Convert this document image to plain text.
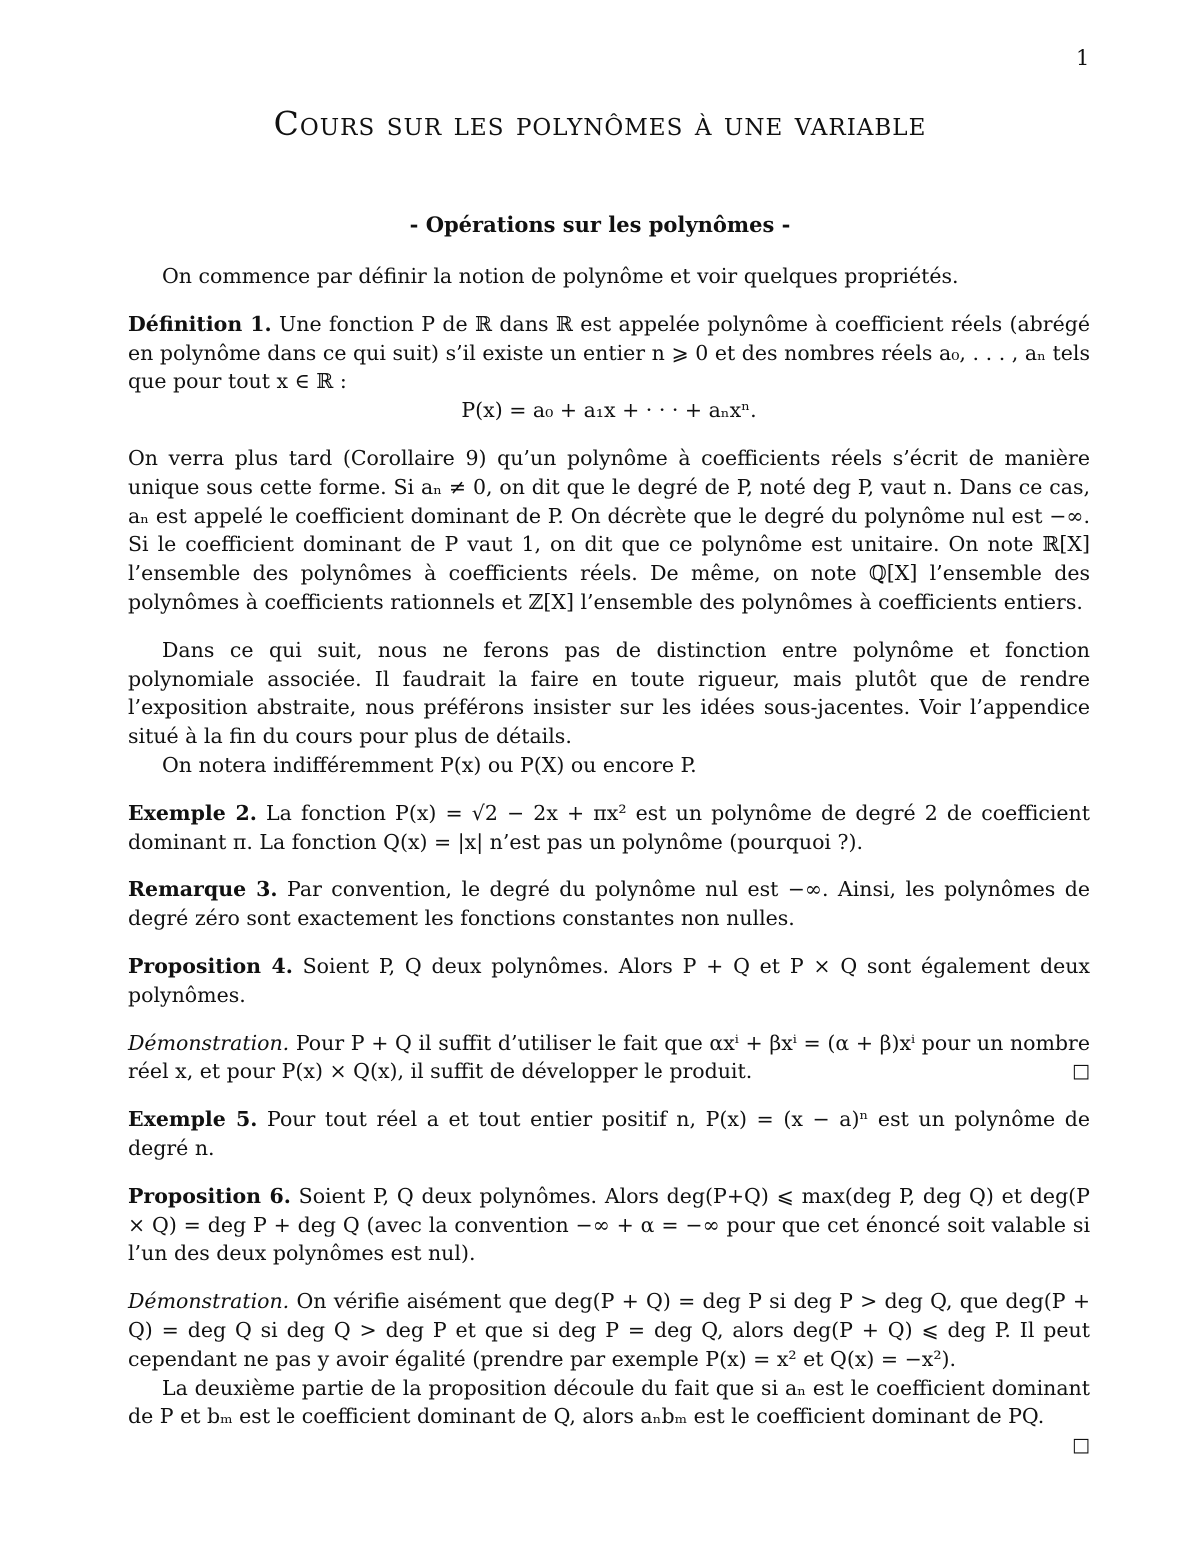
1
Cours sur les polynômes à une variable
- Opérations sur les polynômes -

On commence par définir la notion de polynôme et voir quelques propriétés.

Définition 1. Une fonction P de ℝ dans ℝ est appelée polynôme à coefficient réels (abrégé en polynôme dans ce qui suit) s’il existe un entier n ⩾ 0 et des nombres réels a₀, . . . , aₙ tels que pour tout x ∈ ℝ :

P(x) = a₀ + a₁x + · · · + aₙxⁿ.

On verra plus tard (Corollaire 9) qu’un polynôme à coefficients réels s’écrit de manière unique sous cette forme. Si aₙ ≠ 0, on dit que le degré de P, noté deg P, vaut n. Dans ce cas, aₙ est appelé le coefficient dominant de P. On décrète que le degré du polynôme nul est −∞. Si le coefficient dominant de P vaut 1, on dit que ce polynôme est unitaire. On note ℝ[X] l’ensemble des polynômes à coefficients réels. De même, on note ℚ[X] l’ensemble des polynômes à coefficients rationnels et ℤ[X] l’ensemble des polynômes à coefficients entiers.

Dans ce qui suit, nous ne ferons pas de distinction entre polynôme et fonction polynomiale associée. Il faudrait la faire en toute rigueur, mais plutôt que de rendre l’exposition abstraite, nous préférons insister sur les idées sous-jacentes. Voir l’appendice situé à la fin du cours pour plus de détails.

On notera indifféremment P(x) ou P(X) ou encore P.

Exemple 2. La fonction P(x) = √2 − 2x + πx² est un polynôme de degré 2 de coefficient dominant π. La fonction Q(x) = |x| n’est pas un polynôme (pourquoi ?).

Remarque 3. Par convention, le degré du polynôme nul est −∞. Ainsi, les polynômes de degré zéro sont exactement les fonctions constantes non nulles.

Proposition 4. Soient P, Q deux polynômes. Alors P + Q et P × Q sont également deux polynômes.

Démonstration. Pour P + Q il suffit d’utiliser le fait que αxⁱ + βxⁱ = (α + β)xⁱ pour un nombre réel x, et pour P(x) × Q(x), il suffit de développer le produit.	□

Exemple 5. Pour tout réel a et tout entier positif n, P(x) = (x − a)ⁿ est un polynôme de degré n.

Proposition 6. Soient P, Q deux polynômes. Alors deg(P+Q) ⩽ max(deg P, deg Q) et deg(P × Q) = deg P + deg Q (avec la convention −∞ + α = −∞ pour que cet énoncé soit valable si l’un des deux polynômes est nul).

Démonstration. On vérifie aisément que deg(P + Q) = deg P si deg P > deg Q, que deg(P + Q) = deg Q si deg Q > deg P et que si deg P = deg Q, alors deg(P + Q) ⩽ deg P. Il peut cependant ne pas y avoir égalité (prendre par exemple P(x) = x² et Q(x) = −x²).

La deuxième partie de la proposition découle du fait que si aₙ est le coefficient dominant de P et bₘ est le coefficient dominant de Q, alors aₙbₘ est le coefficient dominant de PQ.
□
